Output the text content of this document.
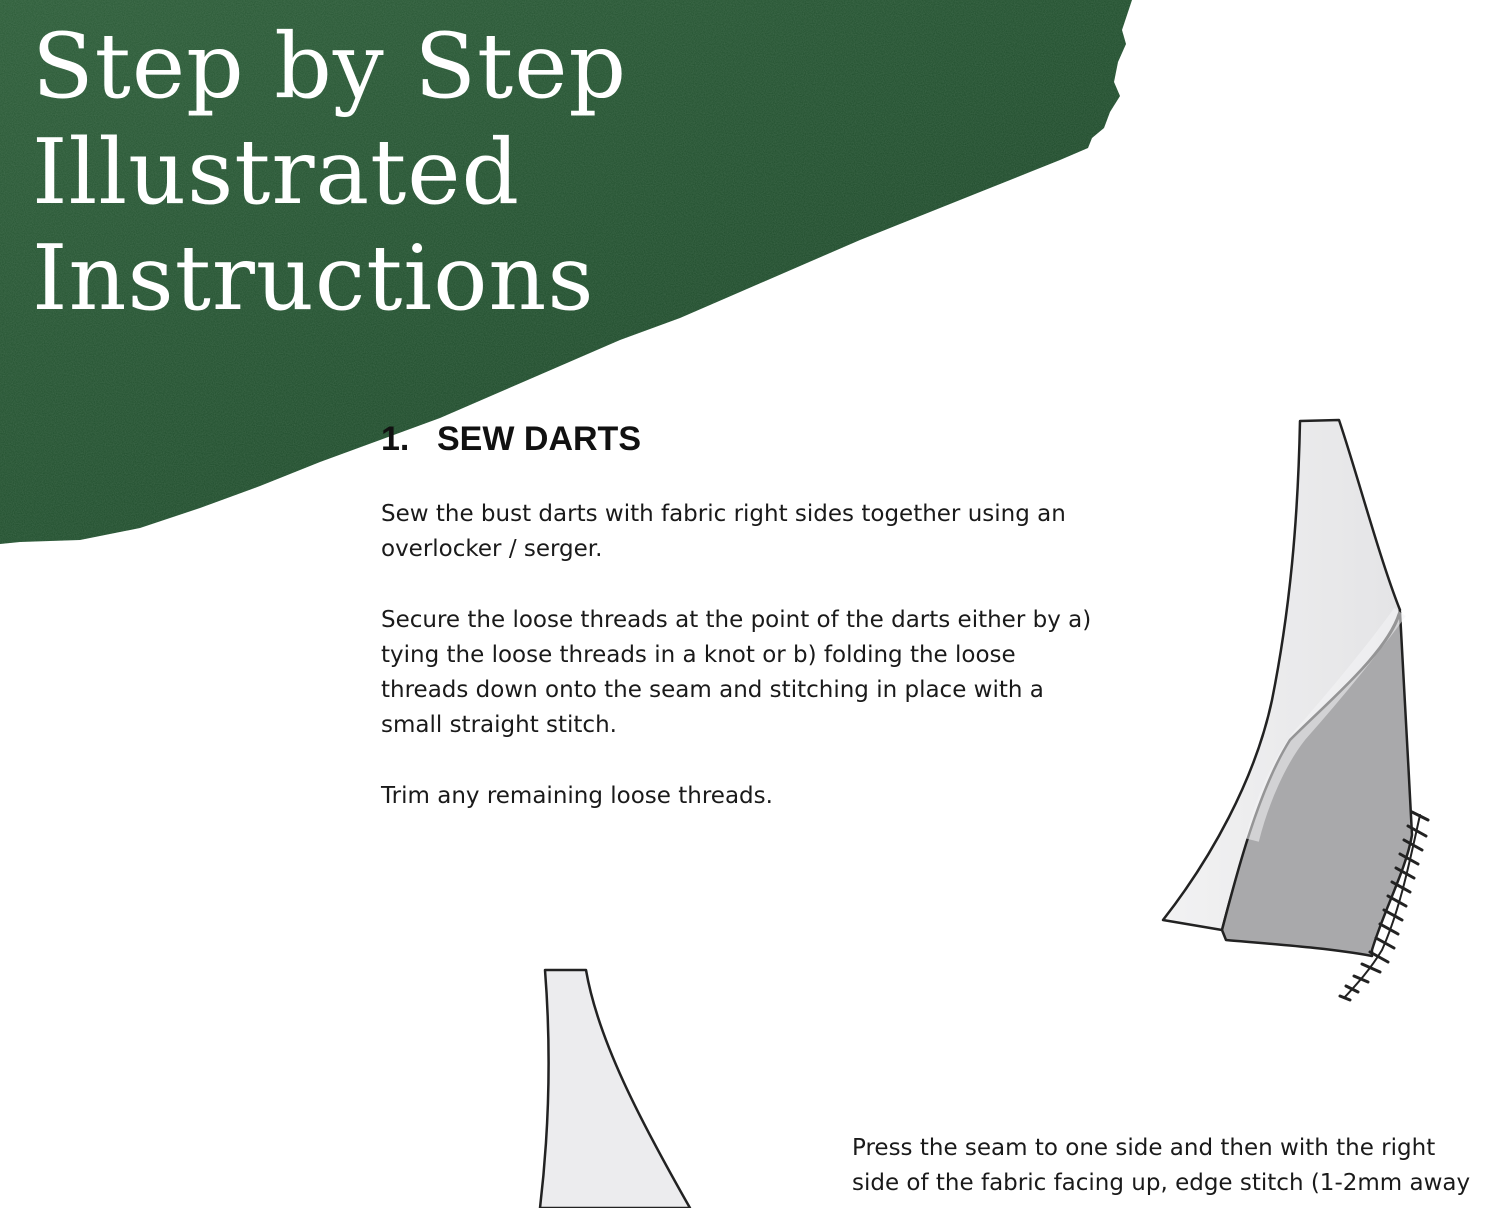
Step by Step
Illustrated
Instructions
1. SEW DARTS

Sew the bust darts with fabric right sides together using an
overlocker / serger.

Secure the loose threads at the point of the darts either by a)
tying the loose threads in a knot or b) folding the loose
threads down onto the seam and stitching in place with a
small straight stitch.

Trim any remaining loose threads.

Press the seam to one side and then with the right
side of the fabric facing up, edge stitch (1-2mm away
